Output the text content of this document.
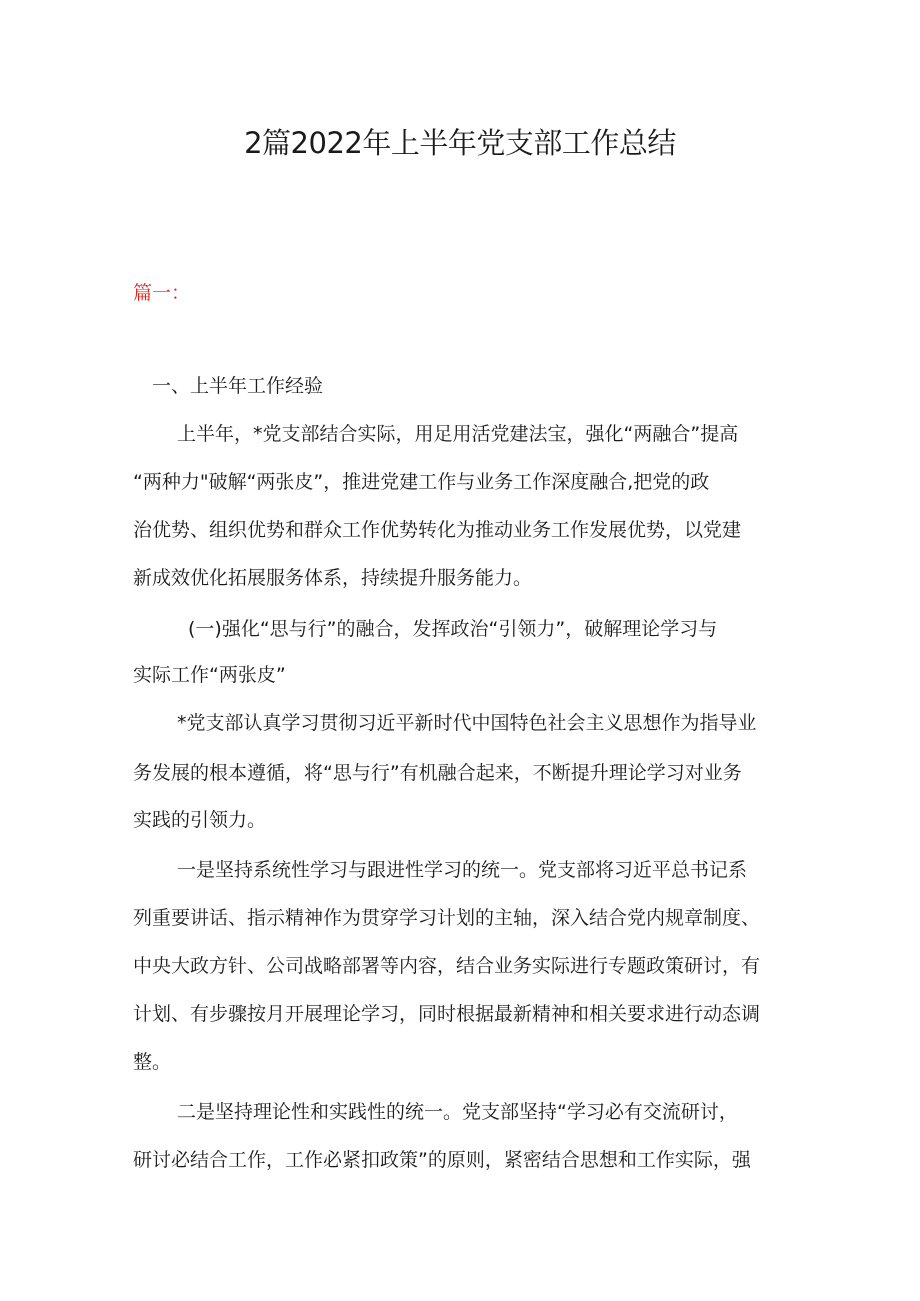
2篇2022年上半年党支部工作总结
篇一：
一、上半年工作经验
上半年，*党支部结合实际，用足用活党建法宝，强化“两融合”提高
“两种力"破解“两张皮”，推进党建工作与业务工作深度融合,把党的政
治优势、组织优势和群众工作优势转化为推动业务工作发展优势，以党建
新成效优化拓展服务体系，持续提升服务能力。
(一)强化“思与行”的融合，发挥政治“引领力”，破解理论学习与
实际工作“两张皮”
*党支部认真学习贯彻习近平新时代中国特色社会主义思想作为指导业
务发展的根本遵循，将“思与行”有机融合起来，不断提升理论学习对业务
实践的引领力。
一是坚持系统性学习与跟进性学习的统一。党支部将习近平总书记系
列重要讲话、指示精神作为贯穿学习计划的主轴，深入结合党内规章制度、
中央大政方针、公司战略部署等内容，结合业务实际进行专题政策研讨，有
计划、有步骤按月开展理论学习，同时根据最新精神和相关要求进行动态调
整。
二是坚持理论性和实践性的统一。党支部坚持“学习必有交流研讨，
研讨必结合工作，工作必紧扣政策”的原则，紧密结合思想和工作实际，强
